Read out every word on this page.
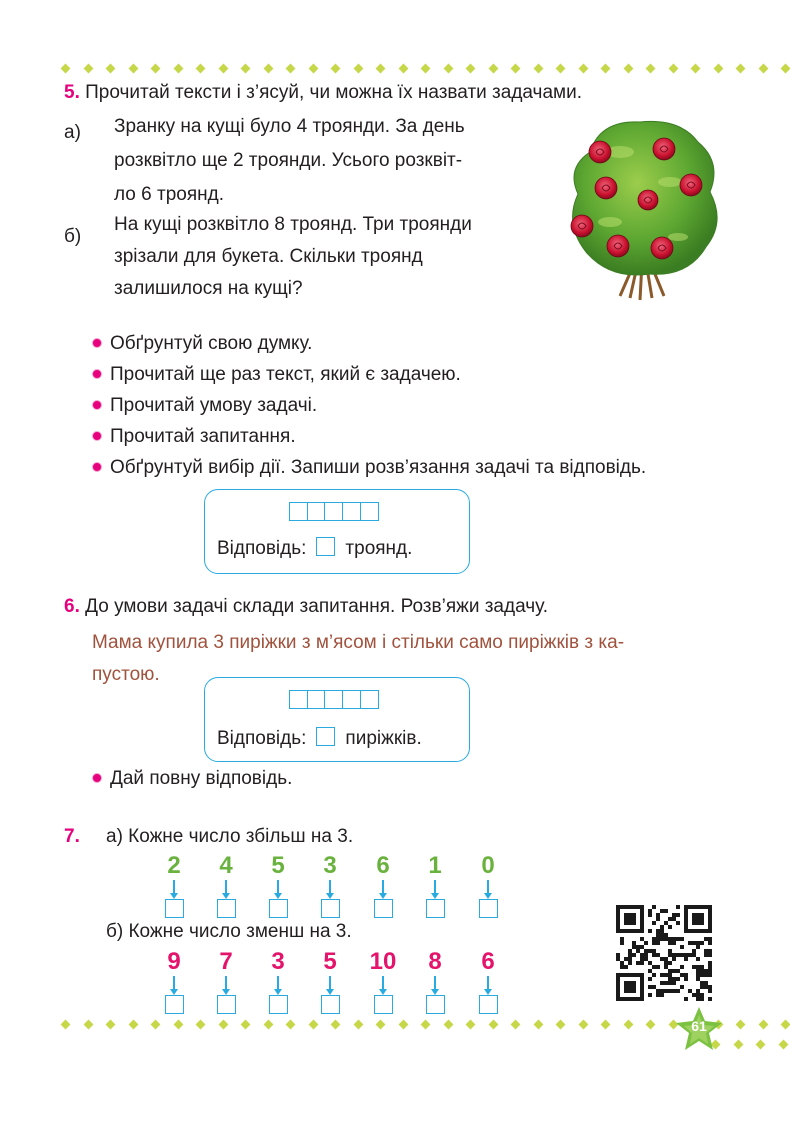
5. Прочитай тексти і з’ясуй, чи можна їх назвати задачами.
а) Зранку на кущі було 4 троянди. За день
розквітло ще 2 троянди. Усього розквіт-
ло 6 троянд.
б)
На кущі розквітло 8 троянд. Три троянди
зрізали для букета. Скільки троянд
залишилося на кущі?
Обґрунтуй свою думку.
Прочитай ще раз текст, який є задачею.
Прочитай умову задачі.
Прочитай запитання.
Обґрунтуй вибір дії. Запиши розв’язання задачі та відповідь.
Відповідь: троянд.
6. До умови задачі склади запитання. Розв’яжи задачу.
Мама купила 3 пиріжки з м’ясом і стільки само пиріжків з ка-
пустою.
Відповідь: пиріжків.
Дай повну відповідь.
7. а) Кожне число збільш на 3.
2 4 5 3 6 1 0
б) Кожне число зменш на 3.
9 7 3 5 10 8 6
61
